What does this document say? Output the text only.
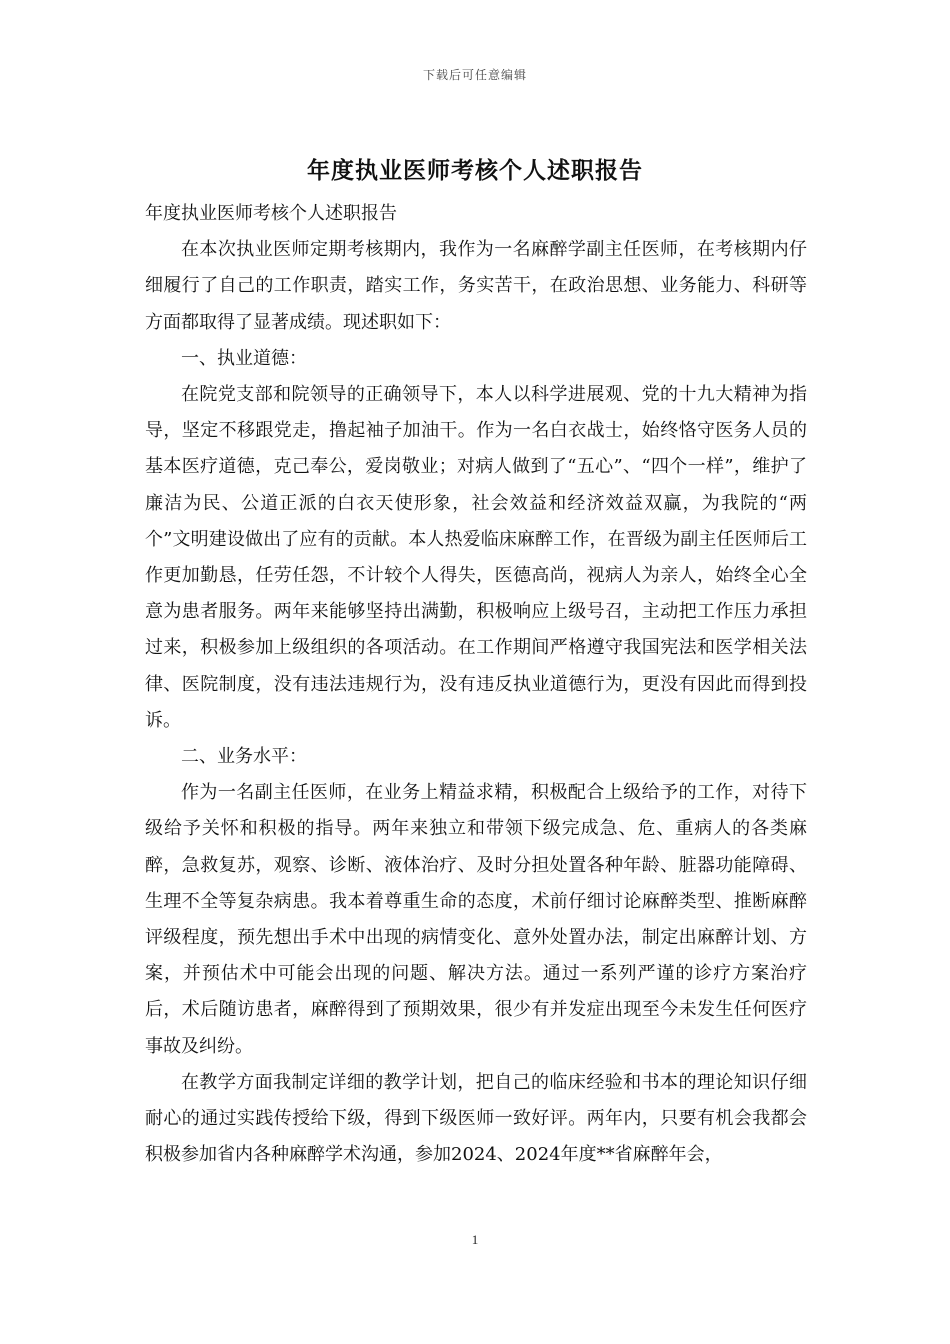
下载后可任意编辑
年度执业医师考核个人述职报告

年度执业医师考核个人述职报告

在本次执业医师定期考核期内，我作为一名麻醉学副主任医师，在考核期内仔细履行了自己的工作职责，踏实工作，务实苦干，在政治思想、业务能力、科研等方面都取得了显著成绩。现述职如下：

一、执业道德：

在院党支部和院领导的正确领导下，本人以科学进展观、党的十九大精神为指导，坚定不移跟党走，撸起袖子加油干。作为一名白衣战士，始终恪守医务人员的基本医疗道德，克己奉公，爱岗敬业；对病人做到了“五心”、“四个一样”，维护了廉洁为民、公道正派的白衣天使形象，社会效益和经济效益双赢，为我院的“两个”文明建设做出了应有的贡献。本人热爱临床麻醉工作，在晋级为副主任医师后工作更加勤恳，任劳任怨，不计较个人得失，医德高尚，视病人为亲人，始终全心全意为患者服务。两年来能够坚持出满勤，积极响应上级号召，主动把工作压力承担过来，积极参加上级组织的各项活动。在工作期间严格遵守我国宪法和医学相关法律、医院制度，没有违法违规行为，没有违反执业道德行为，更没有因此而得到投诉。

二、业务水平：

作为一名副主任医师，在业务上精益求精，积极配合上级给予的工作，对待下级给予关怀和积极的指导。两年来独立和带领下级完成急、危、重病人的各类麻醉，急救复苏，观察、诊断、液体治疗、及时分担处置各种年龄、脏器功能障碍、生理不全等复杂病患。我本着尊重生命的态度，术前仔细讨论麻醉类型、推断麻醉评级程度，预先想出手术中出现的病情变化、意外处置办法，制定出麻醉计划、方案，并预估术中可能会出现的问题、解决方法。通过一系列严谨的诊疗方案治疗后，术后随访患者，麻醉得到了预期效果，很少有并发症出现至今未发生任何医疗事故及纠纷。

在教学方面我制定详细的教学计划，把自己的临床经验和书本的理论知识仔细耐心的通过实践传授给下级，得到下级医师一致好评。两年内，只要有机会我都会积极参加省内各种麻醉学术沟通，参加2024、2024年度**省麻醉年会，

1
